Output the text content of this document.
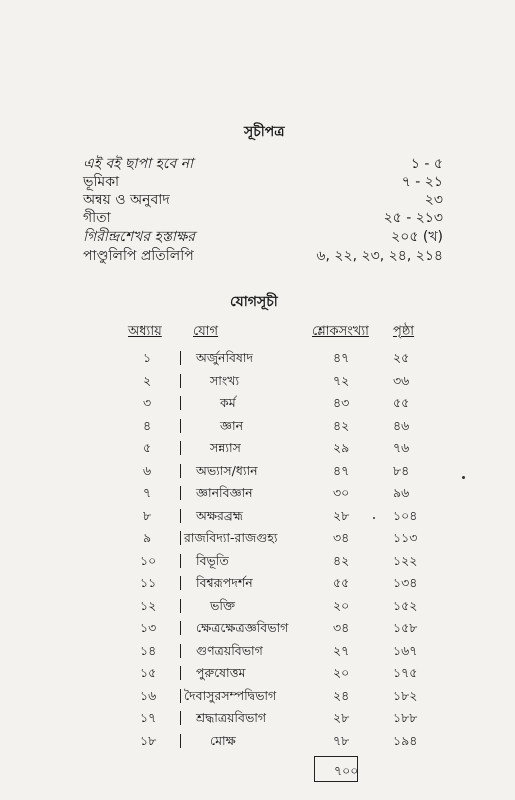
সূচীপত্র
এই বই ছাপা হবে না	১ - ৫
ভূমিকা	৭ - ২১
অন্বয় ও অনুবাদ	২৩
গীতা	২৫ - ২১৩
গিরীন্দ্রশেখর হস্তাক্ষর	২০৫ (খ)
পাণ্ডুলিপি প্রতিলিপি	৬, ২২, ২৩, ২৪, ২১৪
যোগসূচী
অধ্যায় যোগ	শ্লোকসংখ্যা পৃষ্ঠা
১	অর্জুনবিষাদ	৪৭	২৫
২	সাংখ্য	৭২	৩৬
৩	কর্ম	৪৩	৫৫
৪	জ্ঞান	৪২	৪৬
৫	সন্ন্যাস	২৯	৭৬
৬	অভ্যাস/ধ্যান	৪৭	৮৪
৭	জ্ঞানবিজ্ঞান	৩০	৯৬
৮	অক্ষরব্রহ্ম	২৮	১০৪
৯	রাজবিদ্যা-রাজগুহ্য	৩৪	১১৩
১০	বিভূতি	৪২	১২২
১১	বিশ্বরূপদর্শন	৫৫	১৩৪
১২	ভক্তি	২০	১৫২
১৩	ক্ষেত্রক্ষেত্রজ্ঞবিভাগ	৩৪	১৫৮
১৪	গুণত্রয়বিভাগ	২৭	১৬৭
১৫	পুরুষোত্তম	২০	১৭৫
১৬ দৈবাসুরসম্পদ্বিভাগ	২৪	১৮২
১৭	শ্রদ্ধাত্রয়বিভাগ	২৮	১৮৮
১৮	মোক্ষ	৭৮	১৯৪
৭০০
